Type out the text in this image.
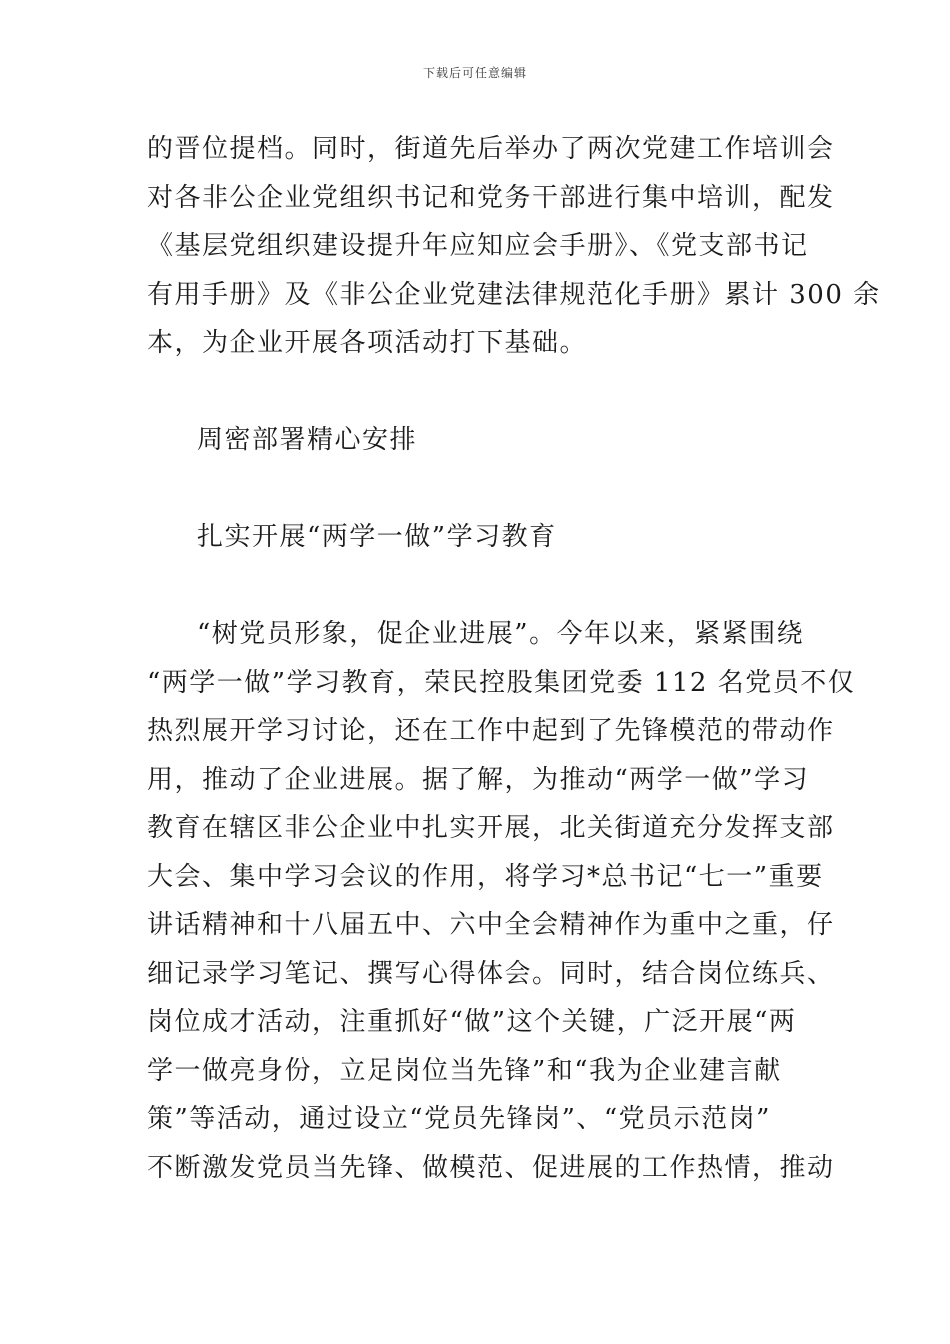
下载后可任意编辑
的晋位提档。同时，街道先后举办了两次党建工作培训会
对各非公企业党组织书记和党务干部进行集中培训，配发
《基层党组织建设提升年应知应会手册》、《党支部书记
有用手册》及《非公企业党建法律规范化手册》累计 300 余
本，为企业开展各项活动打下基础。
周密部署精心安排
扎实开展“两学一做”学习教育
“树党员形象，促企业进展”。今年以来，紧紧围绕
“两学一做”学习教育，荣民控股集团党委 112 名党员不仅
热烈展开学习讨论，还在工作中起到了先锋模范的带动作
用，推动了企业进展。据了解，为推动“两学一做”学习
教育在辖区非公企业中扎实开展，北关街道充分发挥支部
大会、集中学习会议的作用，将学习*总书记“七一”重要
讲话精神和十八届五中、六中全会精神作为重中之重，仔
细记录学习笔记、撰写心得体会。同时，结合岗位练兵、
岗位成才活动，注重抓好“做”这个关键，广泛开展“两
学一做亮身份，立足岗位当先锋”和“我为企业建言献
策”等活动，通过设立“党员先锋岗”、“党员示范岗”
不断激发党员当先锋、做模范、促进展的工作热情，推动
